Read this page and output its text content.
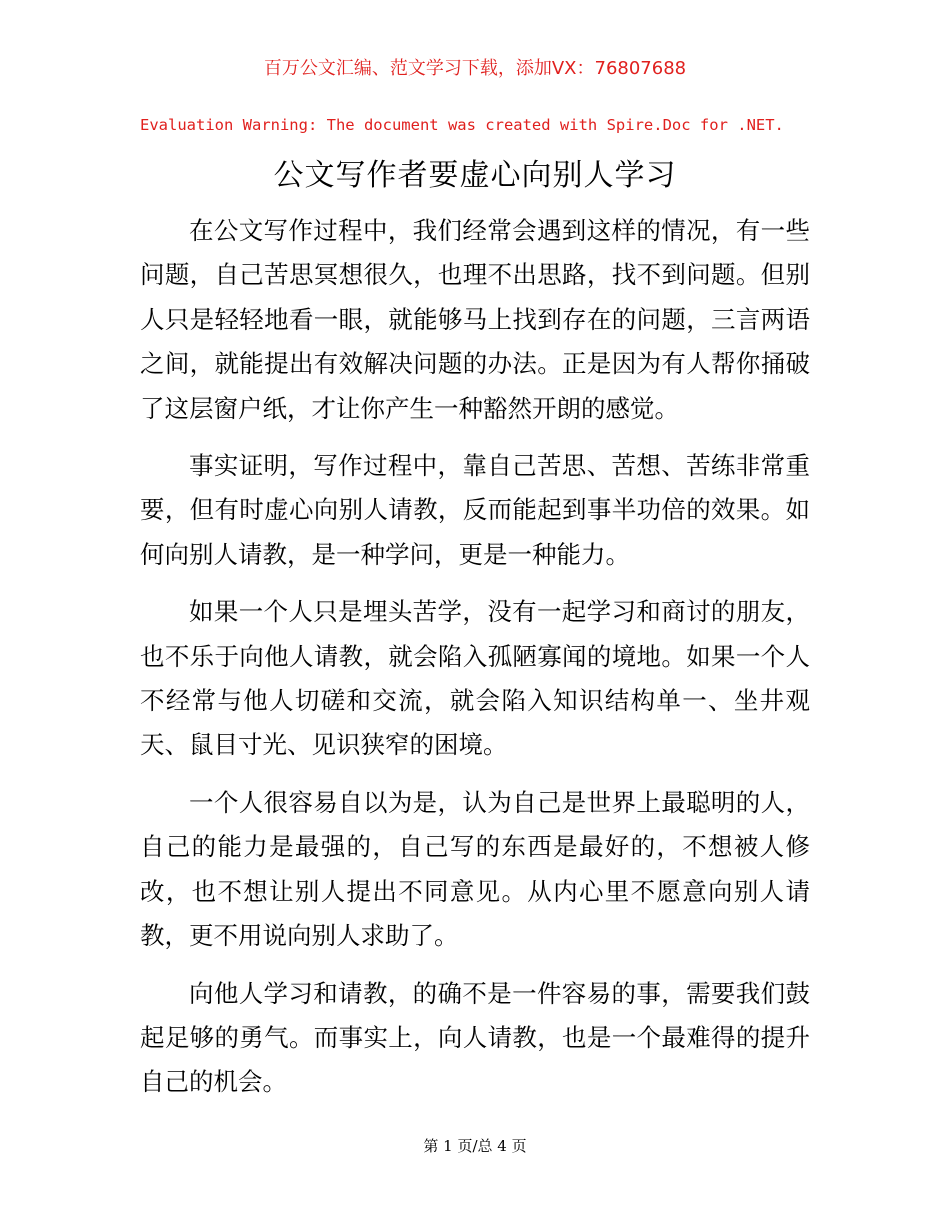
百万公文汇编、范文学习下载，添加VX：76807688
Evaluation Warning: The document was created with Spire.Doc for .NET.
公文写作者要虚心向别人学习

在公文写作过程中，我们经常会遇到这样的情况，有一些问题，自己苦思冥想很久，也理不出思路，找不到问题。但别人只是轻轻地看一眼，就能够马上找到存在的问题，三言两语之间，就能提出有效解决问题的办法。正是因为有人帮你捅破了这层窗户纸，才让你产生一种豁然开朗的感觉。

事实证明，写作过程中，靠自己苦思、苦想、苦练非常重要，但有时虚心向别人请教，反而能起到事半功倍的效果。如何向别人请教，是一种学问，更是一种能力。

如果一个人只是埋头苦学，没有一起学习和商讨的朋友，也不乐于向他人请教，就会陷入孤陋寡闻的境地。如果一个人不经常与他人切磋和交流，就会陷入知识结构单一、坐井观天、鼠目寸光、见识狭窄的困境。

一个人很容易自以为是，认为自己是世界上最聪明的人，自己的能力是最强的，自己写的东西是最好的，不想被人修改，也不想让别人提出不同意见。从内心里不愿意向别人请教，更不用说向别人求助了。

向他人学习和请教，的确不是一件容易的事，需要我们鼓起足够的勇气。而事实上，向人请教，也是一个最难得的提升自己的机会。

第 1 页/总 4 页
